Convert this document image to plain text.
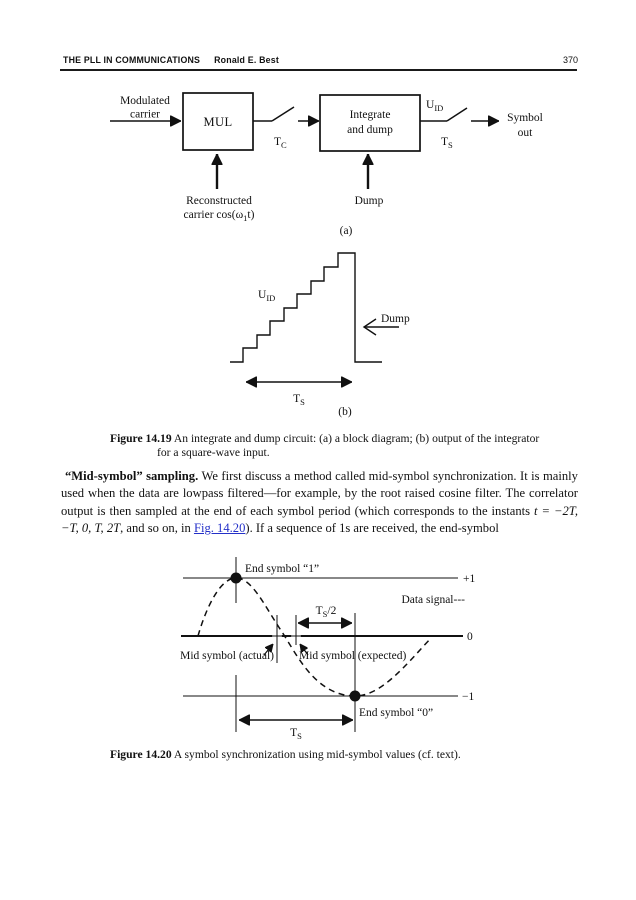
THE PLL IN COMMUNICATIONS Ronald E. Best	370
Modulated
carrier
MUL
$T_C$
Integrate
and dump
$U_{ID}$
$T_S$
Symbol
out
Reconstructed
carrier $\cos(\omega_1t)$
Dump
(a)
$U_{ID}$
Dump
$T_S$
(b)
Figure 14.19 An integrate and dump circuit: (a) a block diagram; (b) output of the integrator
for a square-wave input.

“Mid-symbol” sampling. We first discuss a method called mid-symbol synchronization. It is mainly used when the data are lowpass filtered—for example, by the root raised cosine filter. The correlator output is then sampled at the end of each symbol period (which corresponds to the instants t = −2T, −T, 0, T, 2T, and so on, in Fig. 14.20). If a sequence of 1s are received, the end-symbol

+1
0
−1
Data signal---
$T_S/2$
End symbol “1”
Mid symbol (actual) Mid symbol (expected)
End symbol “0”
$T_S$
Figure 14.20 A symbol synchronization using mid-symbol values (cf. text).
